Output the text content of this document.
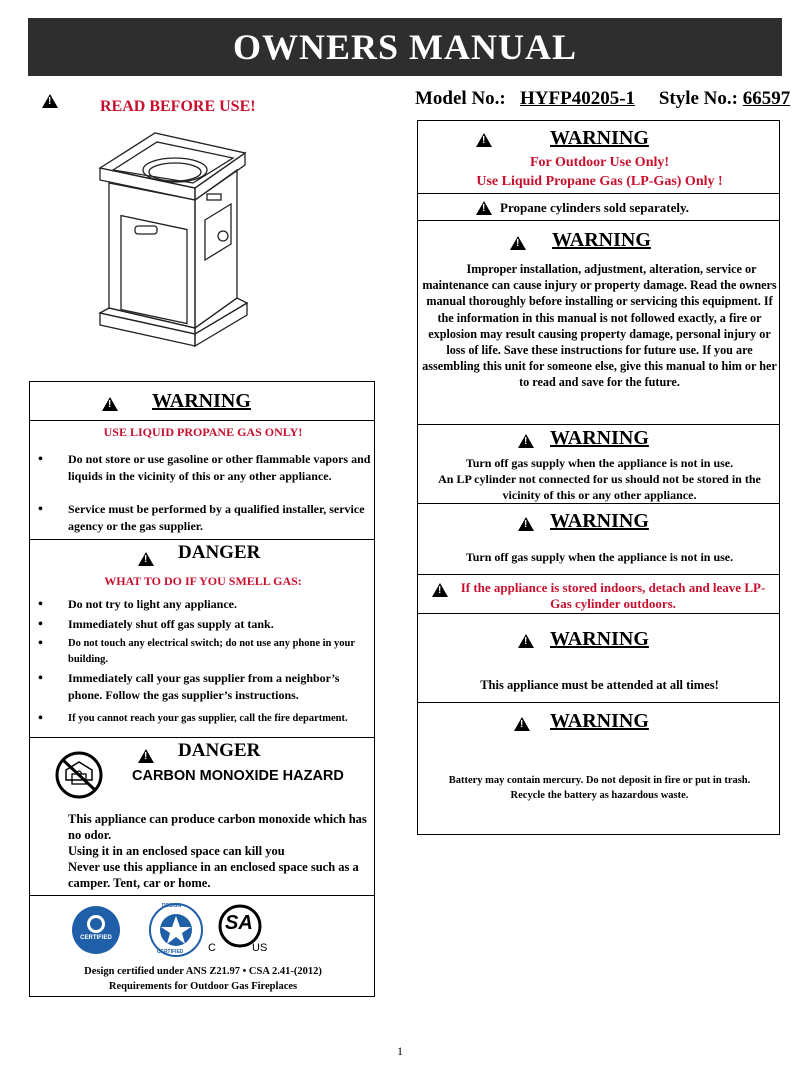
OWNERS MANUAL
!
READ BEFORE USE!	Model No.: HYFP40205-1 Style No.: 66597
!
WARNING
For Outdoor Use Only!
Use Liquid Propane Gas (LP-Gas) Only !
!
Propane cylinders sold separately.
!
WARNING
Improper installation, adjustment, alteration, service or maintenance can cause injury or property damage. Read the owners manual thoroughly before installing or servicing this equipment. If the information in this manual is not followed exactly, a fire or explosion may result causing property damage, personal injury or loss of life. Save these instructions for future use. If you are assembling this unit for someone else, give this manual to him or her to read and save for the future.
!
WARNING
Turn off gas supply when the appliance is not in use.
An LP cylinder not connected for us should not be stored in the vicinity of this or any other appliance.
!
WARNING
Turn off gas supply when the appliance is not in use.
!
If the appliance is stored indoors, detach and leave LP-Gas cylinder outdoors.
!
WARNING
This appliance must be attended at all times!
!
WARNING
Battery may contain mercury. Do not deposit in fire or put in trash.
Recycle the battery as hazardous waste.
!
WARNING
USE LIQUID PROPANE GAS ONLY!
• Do not store or use gasoline or other flammable vapors and liquids in the vicinity of this or any other appliance.
• Service must be performed by a qualified installer, service agency or the gas supplier.
!
DANGER
WHAT TO DO IF YOU SMELL GAS:
• Do not try to light any appliance.
• Immediately shut off gas supply at tank.
• Do not touch any electrical switch; do not use any phone in your building.
• Immediately call your gas supplier from a neighbor’s phone. Follow the gas supplier’s instructions.
• If you cannot reach your gas supplier, call the fire department.
!
DANGER
CARBON MONOXIDE HAZARD
This appliance can produce carbon monoxide which has no odor.
Using it in an enclosed space can kill you
Never use this appliance in an enclosed space such as a camper. Tent, car or home.
CERTIFIED
DESIGN
CERTIFIED
SA
C	US
Design certified under ANS Z21.97 • CSA 2.41-(2012)
Requirements for Outdoor Gas Fireplaces
1
